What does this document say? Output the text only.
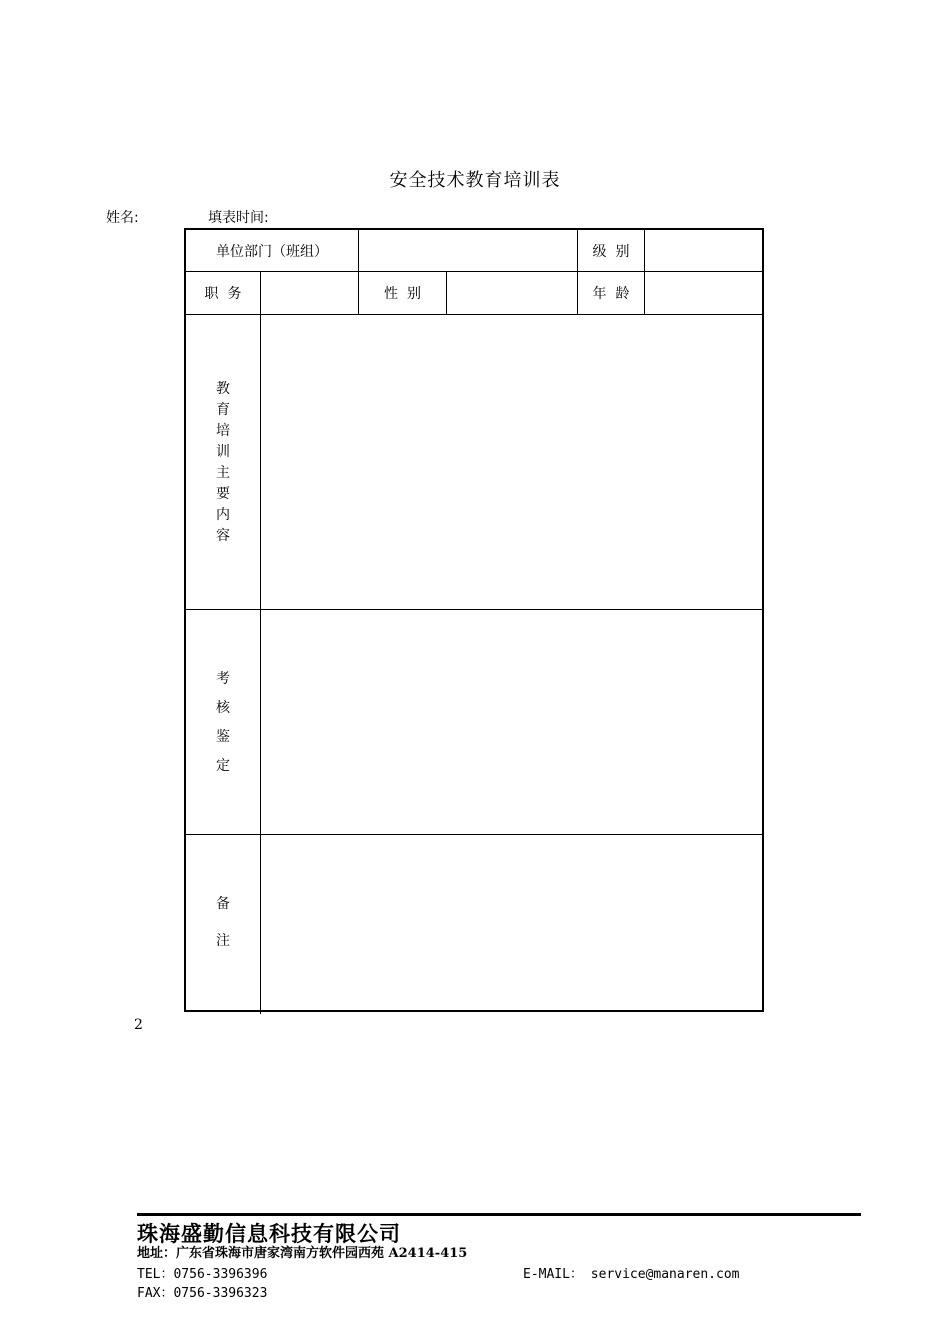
安全技术教育培训表
姓名:	填表时间:
单位部门（班组）	级  别
职  务	性  别	年  龄
教
育
培
训
主
要
内
容
考
核
鉴
定
备
注
2
珠海盛勤信息科技有限公司
地址：广东省珠海市唐家湾南方软件园西苑 A2414-415
TEL：0756-3396396	E-MAIL： service@manaren.com
FAX：0756-3396323
